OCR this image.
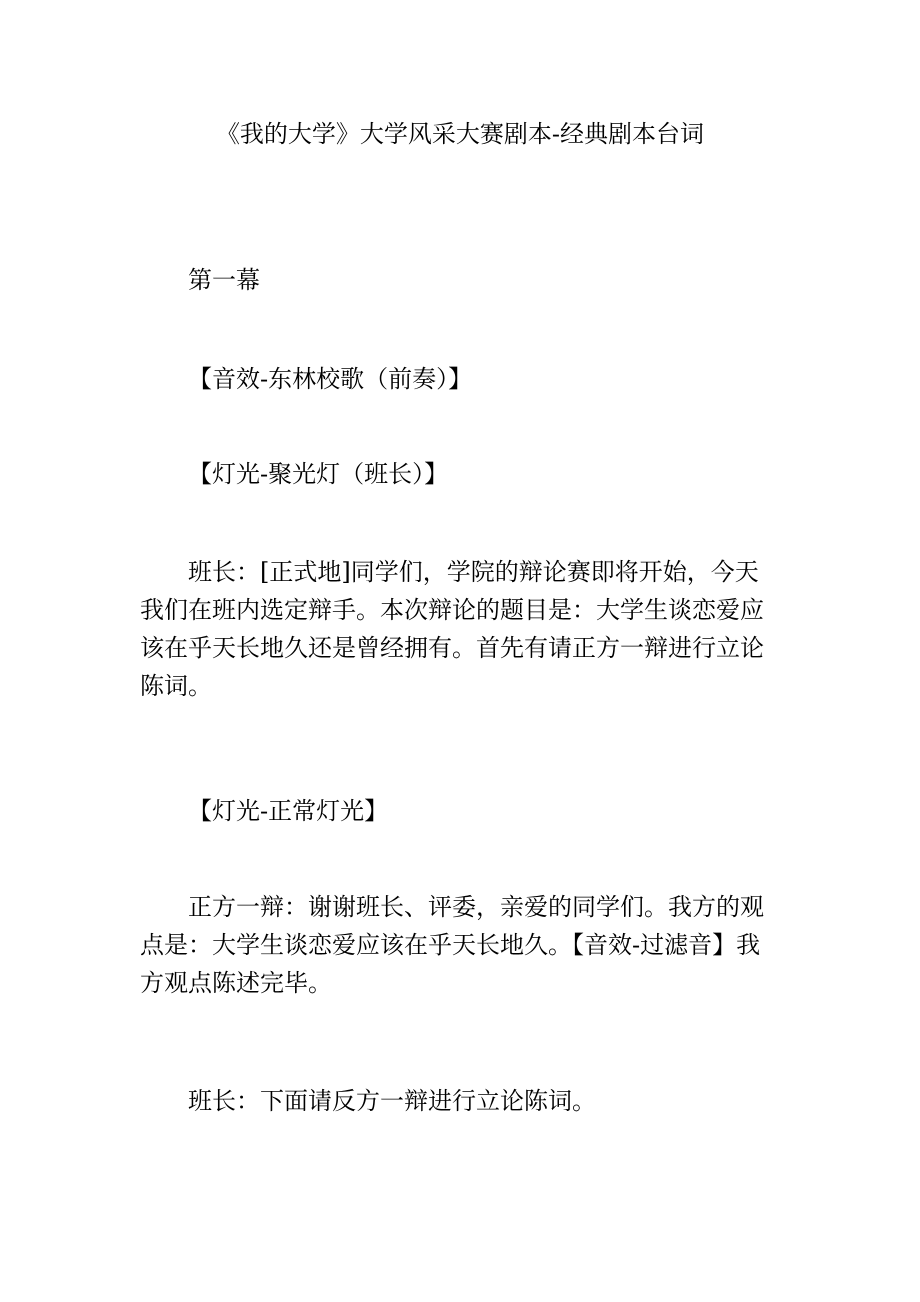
《我的大学》大学风采大赛剧本-经典剧本台词

第一幕

【音效-东林校歌（前奏）】

【灯光-聚光灯（班长）】

班长：[正式地]同学们，学院的辩论赛即将开始，今天我们在班内选定辩手。本次辩论的题目是：大学生谈恋爱应该在乎天长地久还是曾经拥有。首先有请正方一辩进行立论陈词。

【灯光-正常灯光】

正方一辩：谢谢班长、评委，亲爱的同学们。我方的观点是：大学生谈恋爱应该在乎天长地久。【音效-过滤音】我方观点陈述完毕。

班长：下面请反方一辩进行立论陈词。
